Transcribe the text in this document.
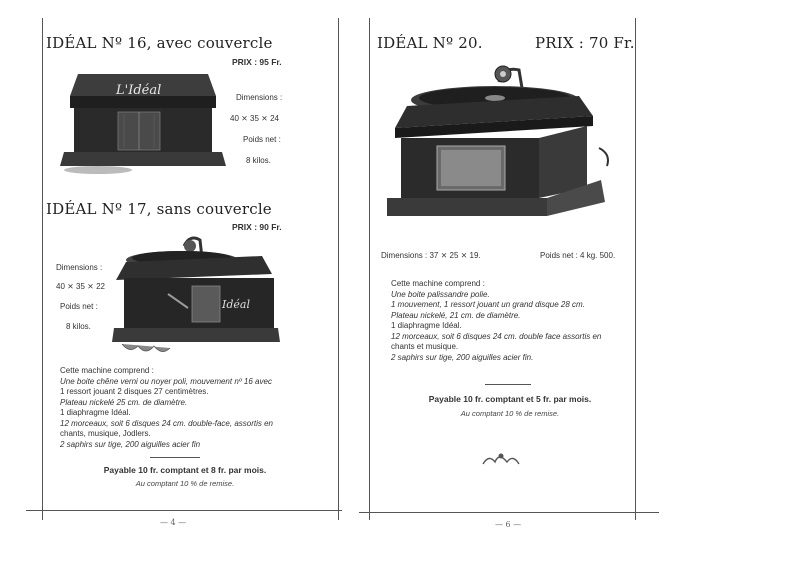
IDÉAL Nº 16, avec couvercle
PRIX : 95 Fr.
L'Idéal	Dimensions :
40 ⨯ 35 ⨯ 24
Poids net :
8 kilos.
IDÉAL Nº 17, sans couvercle
PRIX : 90 Fr.
Idéal
Dimensions :
40 ⨯ 35 ⨯ 22
Poids net :
8 kilos.
Cette machine comprend :
Une boite chêne verni ou noyer poli, mouvement nº 16 avec
1 ressort jouant 2 disques 27 centimètres.
Plateau nickelé 25 cm. de diamètre.
1 diaphragme Idéal.
12 morceaux, soit 6 disques 24 cm. double-face, assortis en
chants, musique, Jodlers.
2 saphirs sur tige, 200 aiguilles acier fin
Payable 10 fr. comptant et 8 fr. par mois.
Au comptant 10 % de remise.
— 4 —
IDÉAL Nº 20.	PRIX : 70 Fr.
Dimensions : 37 ⨯ 25 ⨯ 19.	Poids net : 4 kg. 500.
Cette machine comprend :
Une boite palissandre polie.
1 mouvement, 1 ressort jouant un grand disque 28 cm.
Plateau nickelé, 21 cm. de diamètre.
1 diaphragme Idéal.
12 morceaux, soit 6 disques 24 cm. double face assortis en
chants et musique.
2 saphirs sur tige, 200 aiguilles acier fin.
Payable 10 fr. comptant et 5 fr. par mois.
Au comptant 10 % de remise.
— 6 —
